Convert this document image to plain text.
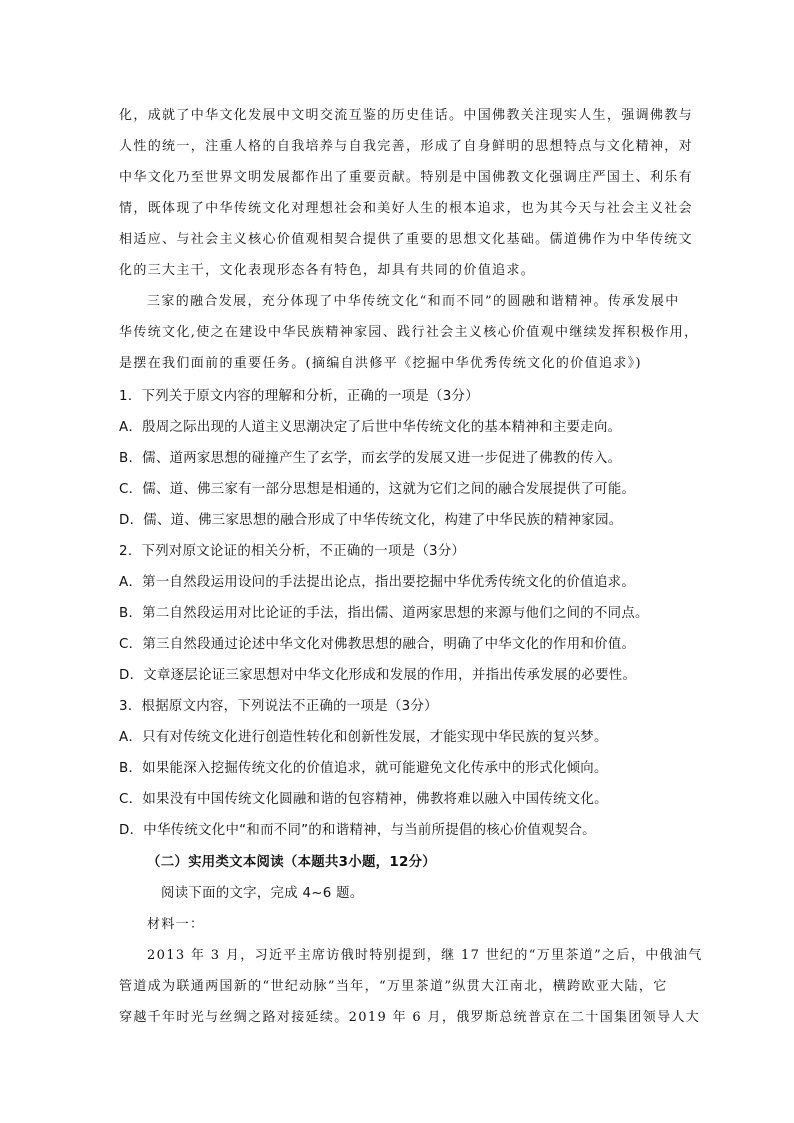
化，成就了中华文化发展中文明交流互鉴的历史佳话。中国佛教关注现实人生，强调佛教与

人性的统一，注重人格的自我培养与自我完善，形成了自身鲜明的思想特点与文化精神，对

中华文化乃至世界文明发展都作出了重要贡献。特别是中国佛教文化强调庄严国土、利乐有

情，既体现了中华传统文化对理想社会和美好人生的根本追求，也为其今天与社会主义社会

相适应、与社会主义核心价值观相契合提供了重要的思想文化基础。儒道佛作为中华传统文

化的三大主干，文化表现形态各有特色，却具有共同的价值追求。

三家的融合发展，充分体现了中华传统文化“和而不同”的圆融和谐精神。传承发展中

华传统文化,使之在建设中华民族精神家园、践行社会主义核心价值观中继续发挥积极作用，

是摆在我们面前的重要任务。(摘编自洪修平《挖掘中华优秀传统文化的价值追求》)

1．下列关于原文内容的理解和分析，正确的一项是（3分）

A．殷周之际出现的人道主义思潮决定了后世中华传统文化的基本精神和主要走向。

B．儒、道两家思想的碰撞产生了玄学，而玄学的发展又进一步促进了佛教的传入。

C．儒、道、佛三家有一部分思想是相通的，这就为它们之间的融合发展提供了可能。

D．儒、道、佛三家思想的融合形成了中华传统文化，构建了中华民族的精神家园。

2．下列对原文论证的相关分析，不正确的一项是（3分）

A．第一自然段运用设问的手法提出论点，指出要挖掘中华优秀传统文化的价值追求。

B．第二自然段运用对比论证的手法，指出儒、道两家思想的来源与他们之间的不同点。

C．第三自然段通过论述中华文化对佛教思想的融合，明确了中华文化的作用和价值。

D．文章逐层论证三家思想对中华文化形成和发展的作用，并指出传承发展的必要性。

3．根据原文内容，下列说法不正确的一项是（3分）

A．只有对传统文化进行创造性转化和创新性发展，才能实现中华民族的复兴梦。

B．如果能深入挖掘传统文化的价值追求，就可能避免文化传承中的形式化倾向。

C．如果没有中国传统文化圆融和谐的包容精神，佛教将难以融入中国传统文化。

D．中华传统文化中“和而不同”的和谐精神，与当前所提倡的核心价值观契合。

（二）实用类文本阅读（本题共3小题，12分）

阅读下面的文字，完成 4~6 题。

材料一：

2013 年 3 月，习近平主席访俄时特别提到，继 17 世纪的“万里茶道”之后，中俄油气

管道成为联通两国新的“世纪动脉”当年，“万里茶道”纵贯大江南北，横跨欧亚大陆，它

穿越千年时光与丝绸之路对接延续。2019 年 6 月，俄罗斯总统普京在二十国集团领导人大
